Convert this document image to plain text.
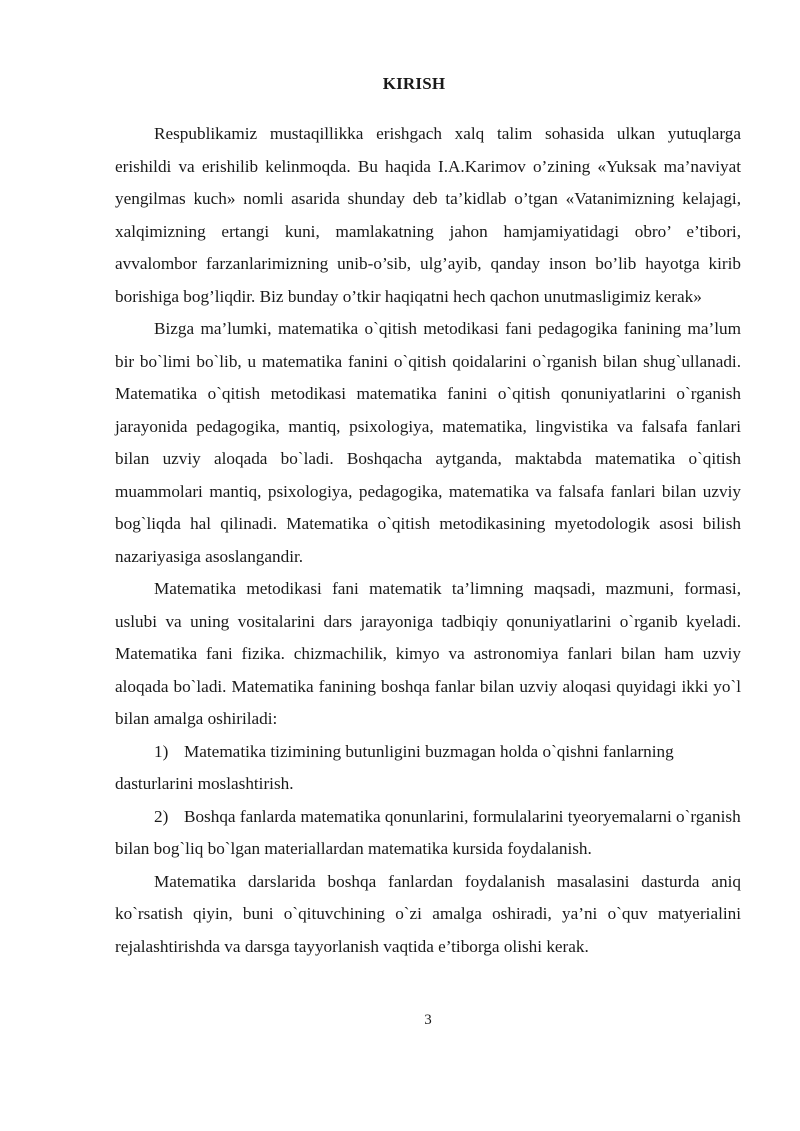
KIRISH

Respublikamiz mustaqillikka erishgach xalq talim sohasida ulkan yutuqlarga erishildi va erishilib kelinmoqda. Bu haqida I.A.Karimov o’zining «Yuksak ma’naviyat yengilmas kuch» nomli asarida shunday deb ta’kidlab o’tgan «Vatanimizning kelajagi, xalqimizning ertangi kuni, mamlakatning jahon hamjamiyatidagi obro’ e’tibori, avvalombor farzanlarimizning unib-o’sib, ulg’ayib, qanday inson bo’lib hayotga kirib borishiga bog’liqdir. Biz bunday o’tkir haqiqatni hech qachon unutmasligimiz kerak»

Bizga ma’lumki, matematika o`qitish metodikasi fani pedagogika fanining ma’lum bir bo`limi bo`lib, u matematika fanini o`qitish qoidalarini o`rganish bilan shug`ullanadi. Matematika o`qitish metodikasi matematika fanini o`qitish qonuniyatlarini o`rganish jarayonida pedagogika, mantiq, psixologiya, matematika, lingvistika va falsafa fanlari bilan uzviy aloqada bo`ladi. Boshqacha aytganda, maktabda matematika o`qitish muammolari mantiq, psixologiya, pedagogika, matematika va falsafa fanlari bilan uzviy bog`liqda hal qilinadi. Matematika o`qitish metodikasining myetodologik asosi bilish nazariyasiga asoslangandir.

Matematika metodikasi fani matematik ta’limning maqsadi, mazmuni, formasi, uslubi va uning vositalarini dars jarayoniga tadbiqiy qonuniyatlarini o`rganib kyeladi. Matematika fani fizika. chizmachilik, kimyo va astronomiya fanlari bilan ham uzviy aloqada bo`ladi. Matematika fanining boshqa fanlar bilan uzviy aloqasi quyidagi ikki yo`l bilan amalga oshiriladi:

1) Matematika tizimining butunligini buzmagan holda o`qishni fanlarning dasturlarini moslashtirish.

2) Boshqa fanlarda matematika qonunlarini, formulalarini tyeoryemalarni o`rganish bilan bog`liq bo`lgan materiallardan matematika kursida foydalanish.

Matematika darslarida boshqa fanlardan foydalanish masalasini dasturda aniq ko`rsatish qiyin, buni o`qituvchining o`zi amalga oshiradi, ya’ni o`quv matyerialini rejalashtirishda va darsga tayyorlanish vaqtida e’tiborga olishi kerak.

3
